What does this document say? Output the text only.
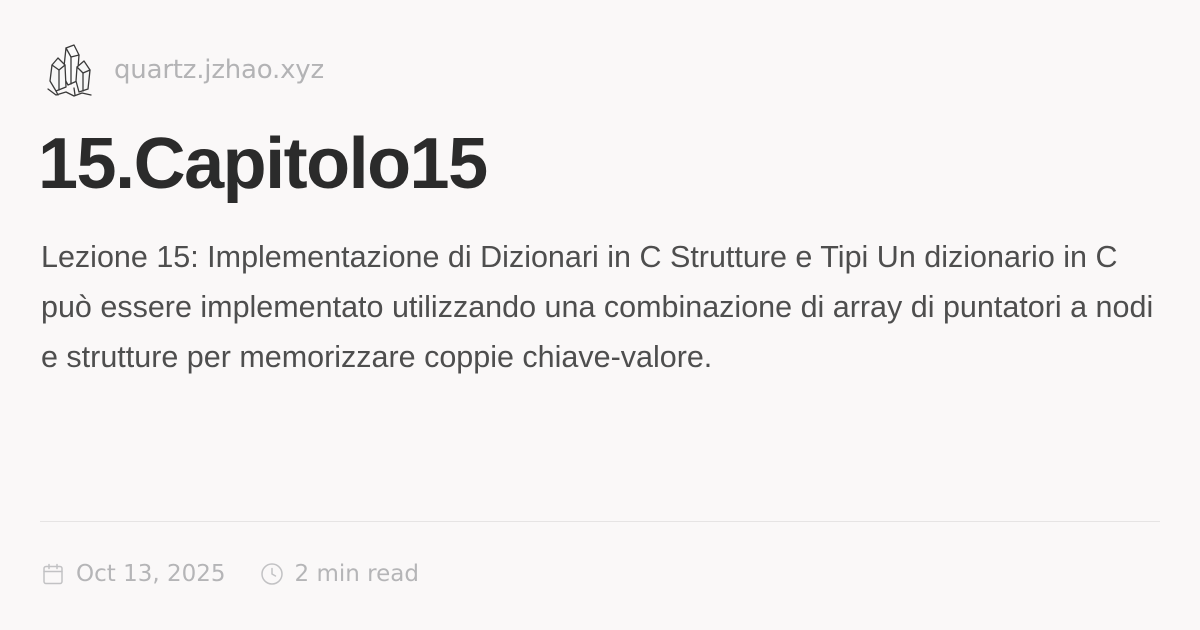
quartz.jzhao.xyz
15.Capitolo15

Lezione 15: Implementazione di Dizionari in C Strutture e Tipi Un dizionario in C può essere implementato utilizzando una combinazione di array di puntatori a nodi e strutture per memorizzare coppie chiave-valore.

Oct 13, 2025	2 min read
